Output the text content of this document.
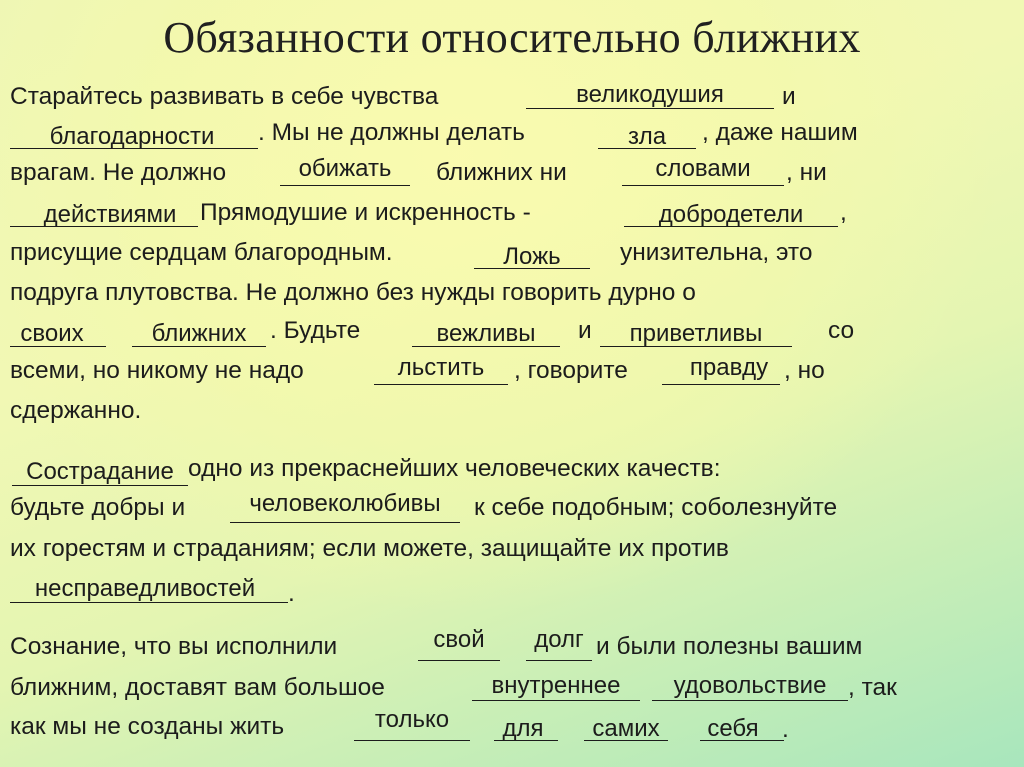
Обязанности относительно ближних
Старайтесь развивать в себе чувства	великодушия	и
благодарности	. Мы не должны делать	зла	, даже нашим
врагам. Не должно	обижать	ближних ни	словами	, ни
действиями Прямодушие и искренность -	добродетели	,
присущие сердцам благородным.	Ложь	унизительна, это
подруга плутовства. Не должно без нужды говорить дурно о
своих	ближних . Будьте	вежливы	и	приветливы	со
всеми, но никому не надо	льстить	, говорите	правду , но
сдержанно.
Сострадание одно из прекраснейших человеческих качеств:
будьте добры и	человеколюбивы	к себе подобным; соболезнуйте
их горестям и страданиям; если можете, защищайте их против
несправедливостей	.
Сознание, что вы исполнили	свой	долг и были полезны вашим
ближним, доставят вам большое	внутреннее	удовольствие , так
как мы не созданы жить	только	для	самих	себя .
